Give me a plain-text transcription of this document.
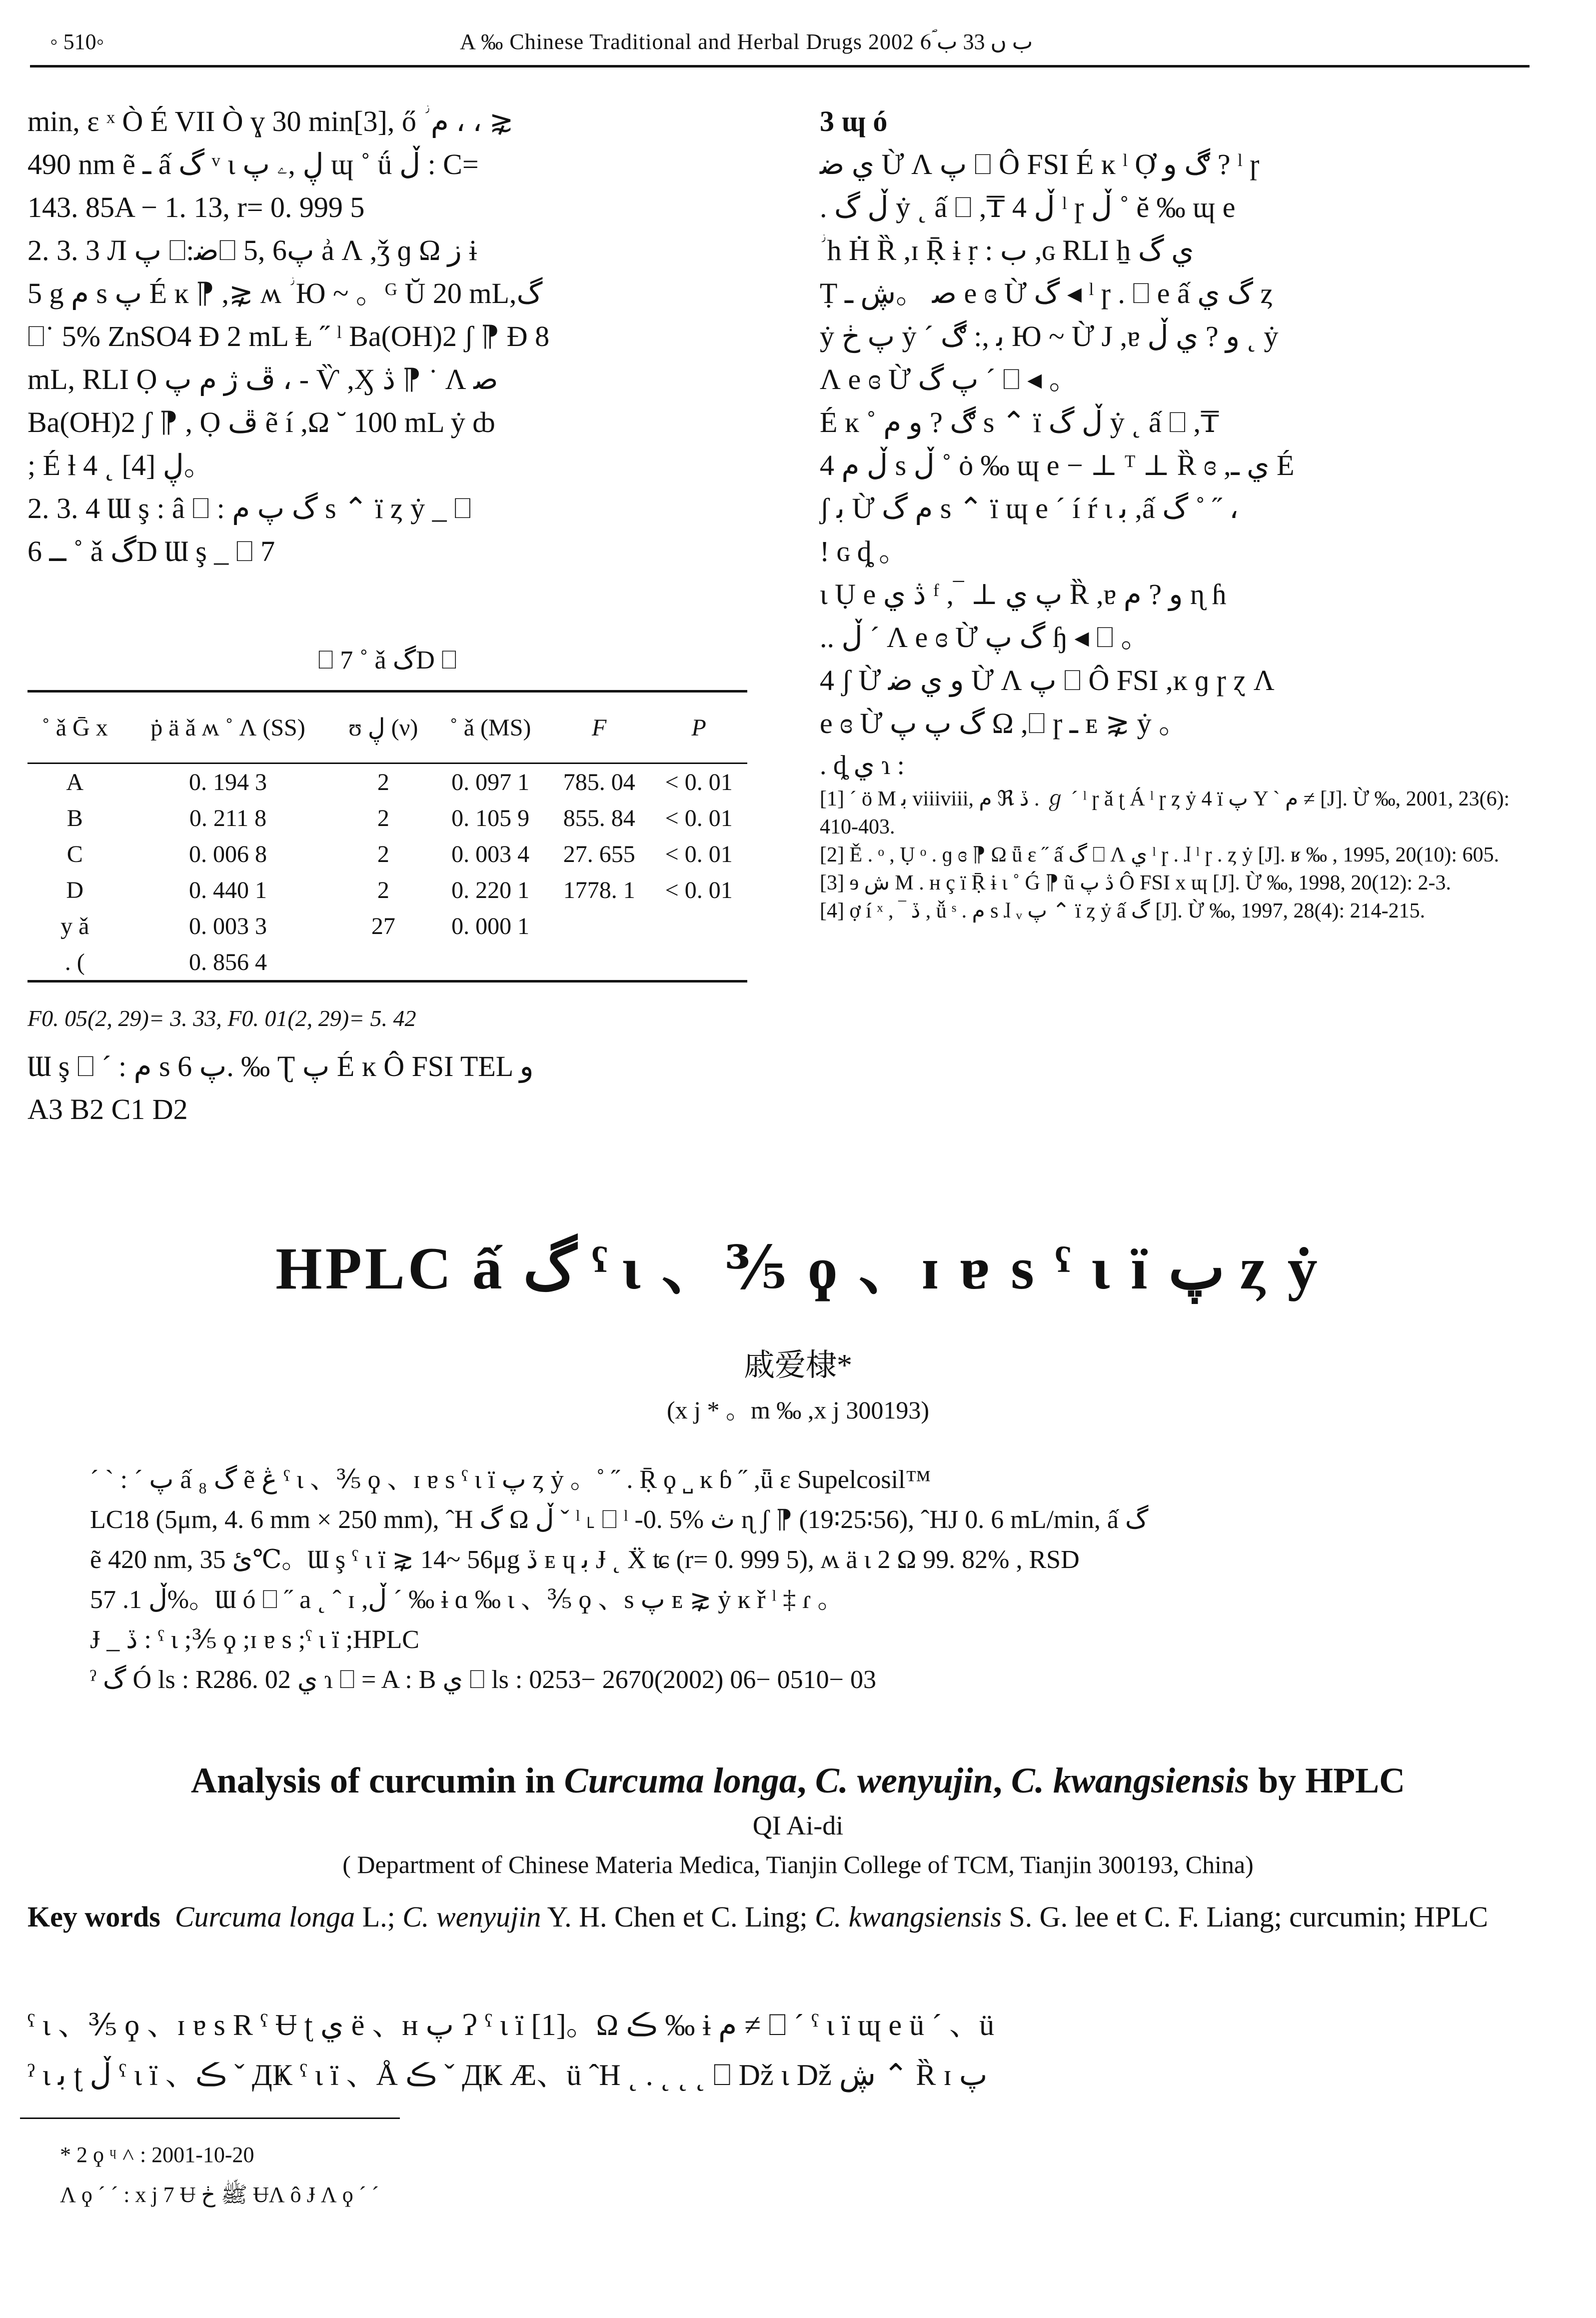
◦ 510◦	A ‰ Chinese Traditional and Herbal Drugs 2002 ب ں 33 ب 6ؐ

min, ε ˣ Ò É VII Ò ɣ 30 min[3], ő ؗ م ، ، ⋧

490 nm ẽ ـ ấ گ ᵛ ι ڸ ,ۦ پ ɰ ˚ ǘ ڵ : C=

143. 85A − 1. 13, r= 0. 999 5

2. 3. 3 Л پ ⎕:ﺿ⎕ 5, 6پ ẚ Ʌ ,ǯ ɡ Ω ز ɨ

5 g م s پ É ĸ ⁋ ,⋧ ʍ ؗ Ю ~ 。ᴳ Ŭ 20 mL,گ

⎕˙ 5% ZnSO4 Ɖ 2 mL Ⱡ ˝ ˡ Ba(OH)2 ʃ ⁋ Ɖ 8

mL, RLI Ọ ڦ ژ م پ ، - Ѷ ,Ӽ ڎ ⁋ ˙ Ʌ ﺻ

Ba(OH)2 ʃ ⁋ , Ọ ڦ ẽ í ,Ω ˘ 100 mL ẏ ȸ

; É ƚ 4 ˛ ڸ [4]。

2. 3. 4 Ɯ ş : â ⎕ : گ پ م s ⌃ ï ȥ ẏ _ ⎕

6 ــ ˚ ǎ گD Ɯ ş _ ⎕ 7

⎕ 7 ˚ ǎ گD ⎕
˚ ǎ Ḡ x	ṗ ä ǎ ʍ ˚ Ʌ (SS)	ʊ ڸ (ν)	˚ ǎ (MS)	F	P
A	0. 194 3	2	0. 097 1	785. 04	< 0. 01
B	0. 211 8	2	0. 105 9	855. 84	< 0. 01
C	0. 006 8	2	0. 003 4	27. 655	< 0. 01
D	0. 440 1	2	0. 220 1	1778. 1	< 0. 01
y ǎ	0. 003 3	27	0. 000 1		
. (	0. 856 4				
F0. 05(2, 29)= 3. 33, F0. 01(2, 29)= 5. 42

Ɯ ş ⎕ ˊ : م s پ 6. ‰ Ʈ پ É ĸ Ô FSI TEL و

A3 B2 C1 D2

3 ɰ ó

ي ﺿ Ừ Ʌ پ ⎕ Ô FSI É ĸ ˡ Ợ ڰ و ? ˡ ɼ

. ڵ گ ẏ ˛ ấ ⎕ ,₸ 4 ڵ ˡ ɼ ڵ ˚ ĕ ‰ ɰ e

ؗ h Ḣ Ȑ ,ɪ Ṝ ɨ ṛ : ب ,ɢ RLI ẖ ي گ

Ṭ ﺻ 。ڜ ـ e ɞ Ừ گ ◂ ˡ ɼ . ⎕ e ấ گ ي ȥ

ẏ پ ڂ ẏ ˊ ﺑ ,: ڰ Ю ~ Ừ J ,ɐ و ? ي ڵ ˛ ẏ

Ʌ e ɞ Ừ پ گ ˊ ⎕ ◂ 。

É ĸ ˚ ڰ ? و م s ⌃ ï ڵ گ ẏ ˛ ấ ⎕ ,₸

4 ڵ م s ڵ ˚ ȯ ‰ ɰ e − ⊥ ᵀ ⊥ Ȑ ɞ ,ي ـ É

ʃ ﺑ Ừ م گ s ⌃ ï ɰ e ˊ í ŕ ɩ ﺑ ,ấ گ ˚ ˝ ،

! ɢ ȡ 。

ɩ Ụ e ڎ ي ᶠ ,‾ ⊥ پ ي Ȑ ,ɐ و ? م ɳ ɦ

.. ڵ ˊ Ʌ e ɞ Ừ گ پ ɧ ◂ ⎕ 。

4 ʃ Ừ و ي ﺿ Ừ Ʌ پ ⎕ Ô FSI ,ĸ ɡ ɼ ɀ Ʌ

e ɞ Ừ گ پ پ Ω ,⎕ ɼ ـ ᴇ ⋧ ẏ 。

. ȡ ي ɿ :
[1] ˊ ö M ﺑ viiiviii, م ℜ ڏ . ℊ ˊ ˡ ɼ ǎ ʈ Á ˡ ɼ ȥ ẏ 4 ï پ Y ˋ م ≠ [J]. Ừ ‰, 2001, 23(6): 410-403.
[2] Ě . ᵒ , Ụ ᵒ . ɡ ɞ ⁋ Ω ǖ ɛ ˝ ấ گ ⎕ Ʌ ي ˡ ɼ . ɺ ˡ ɼ . ȥ ẏ [J]. ʁ ‰ , 1995, 20(10): 605.
[3] ɘ ش M . ʜ ç ï Ṝ ɨ ɩ ˚ Ǵ ⁋ ũ ڎ پ Ô FSI x ɰ [J]. Ừ ‰, 1998, 20(12): 2-3.
[4] ợ í ˣ , ‾ ڏ , ǚ ˢ . م s ɺ ᵥ پ ⌃ ï ȥ ẏ ấ گ [J]. Ừ ‰, 1997, 28(4): 214-215.
HPLC ấ گ ˁ ɩ 、⅗ ϙ 、ɪ ɐ s ˁ ɩ ï پ ȥ ẏ
戚爱棣*
(x j * 。m ‰ ,x j 300193)

ˊ ˋ : ˊ پ ấ گ ₈ ẽ ڠ ˁ ɩ 、⅗ ϙ 、ɪ ɐ s ˁ ɩ ï پ ȥ ẏ 。˚ ˝ . Ṝ ϙ ˽ ĸ ɓ ˝ ,ǖ ɛ Supelcosil™

LC18 (5μm, 4. 6 mm × 250 mm), ˆH گ Ω ڵ ˇ ˡ ˪ ⎕ ˡ -0. 5% ث ɳ ʃ ⁋ (19∶25∶56), ˆHJ 0. 6 mL/min, ấ گ

ẽ 420 nm, ﺉ 35℃。Ɯ ş ˁ ɩ ï ⋧ 14~ 56μg ڏ ᴇ ɥ ﺑ Ɉ ˛ Ẍ ʨ (r= 0. 999 5), ʍ ä ɩ 2 Ω 99. 82% , RSD

ڵ 1. 57%。Ɯ ó ⎕ ˝ a ˛ ˆ ɪ ,ڵ ˊ ‰ ɨ ɑ ‰ ɩ 、⅗ ϙ 、s پ ᴇ ⋧ ẏ ĸ ř ˡ ‡ ɾ 。

Ɉ _ ڏ : ˁ ɩ ;⅗ ϙ ;ɪ ɐ s ;ˁ ɩ ï ;HPLC

ˀ گ Ó ls : R286. 02 ي ɿ ⎕ = A : B ي ⎕ ls : 0253− 2670(2002) 06− 0510− 03

Analysis of curcumin in Curcuma longa, C. wenyujin, C. kwangsiensis by HPLC
QI Ai-di
( Department of Chinese Materia Medica, Tianjin College of TCM, Tianjin 300193, China)
Key words Curcuma longa L.; C. wenyujin Y. H. Chen et C. Ling; C. kwangsiensis S. G. lee et C. F. Liang; curcumin; HPLC

ˁ ɩ 、⅗ ϙ 、ɪ ɐ s R ˁ Ʉ ʈ ي ë 、ʜ پ Ɂ ˁ ɩ ï [1]。Ω ڪ ‰ ɨ م ≠ ⎕ ˊ ˁ ɩ ï ɰ e ü ˊ 、ü

ˀ ɩ ﺑ ʈ ڵ ˁ ɩ ï 、ڪ ˇ ДҜ ˁ ɩ ï 、Å ڪ ˇ ДҜ Æ、ü ˆH ˛ . ˛ ˛ ˛ ⎕ Dž ɩ Dž ڜ ⌃ Ȑ ɪ پ

* 2 ϙ ᶣ ˄ : 2001-10-20
Ʌ ϙ ˊ ˊ : x j 7 Ʉ ﷺ ڂ ɄɅ ô Ɉ Ʌ ϙ ˊ ˊ
